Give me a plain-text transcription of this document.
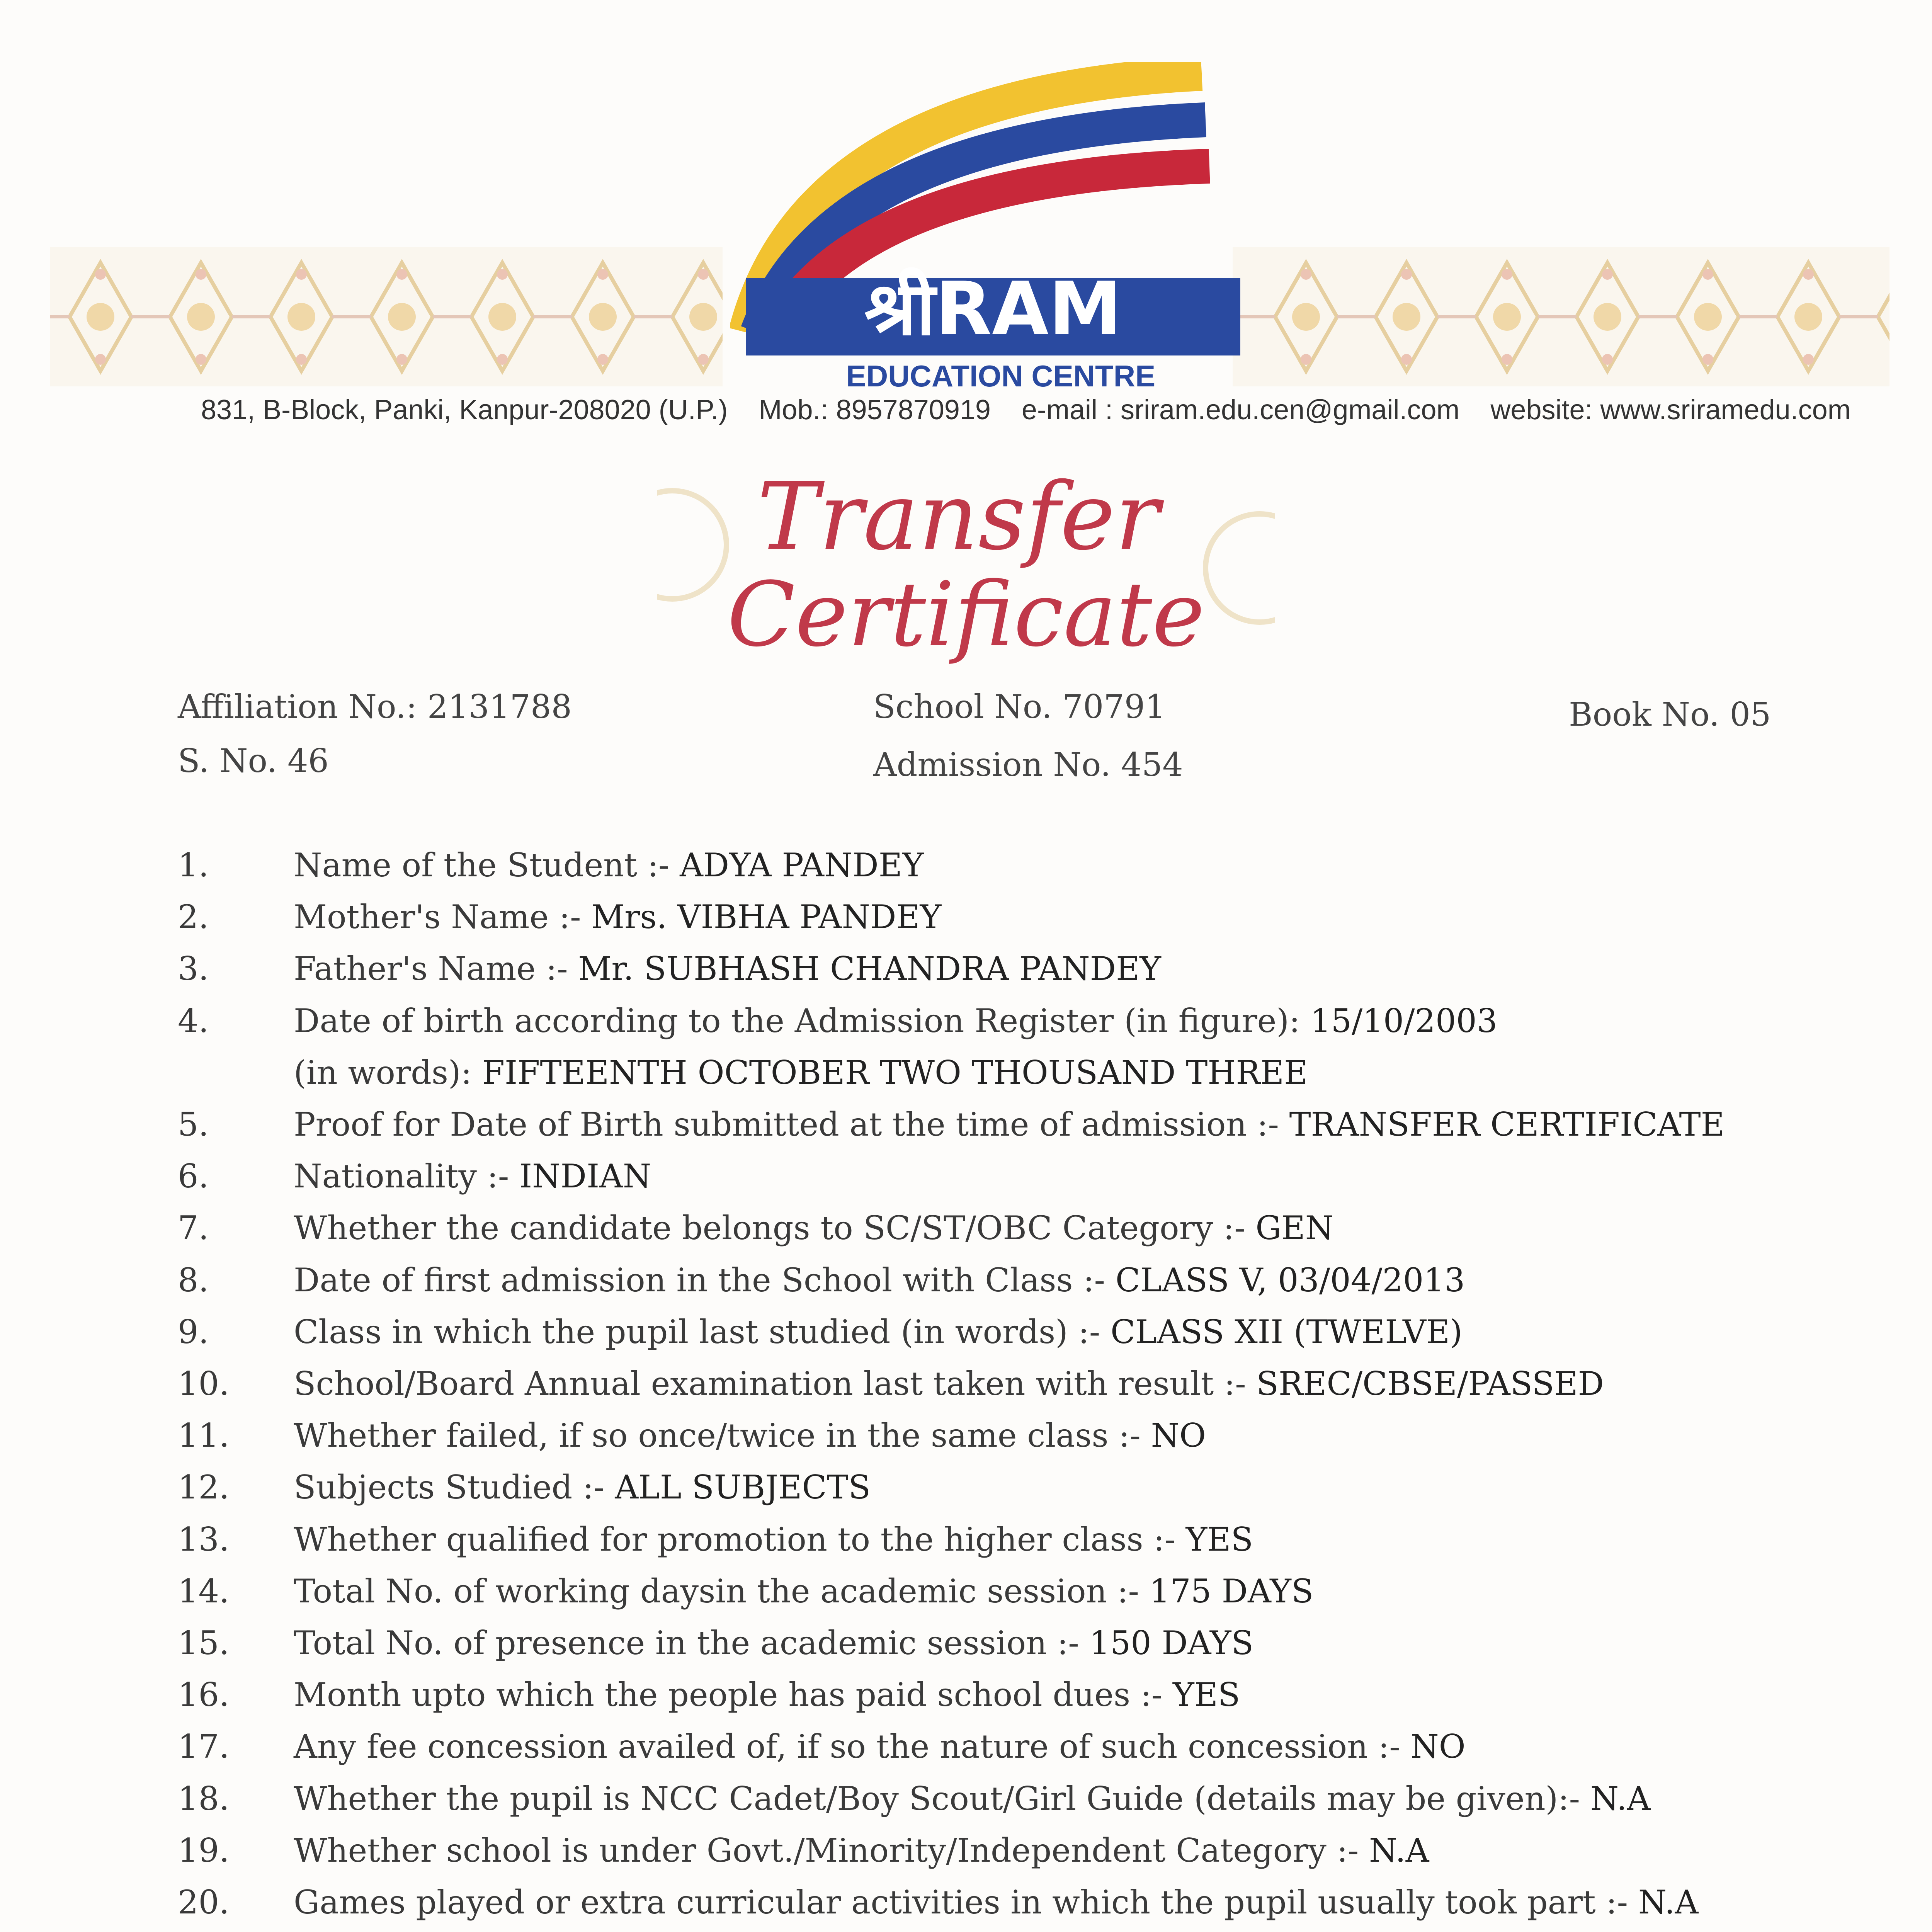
श्रीRAM
EDUCATION CENTRE
831, B-Block, Panki, Kanpur-208020 (U.P.) Mob.: 8957870919 e-mail : sriram.edu.cen@gmail.com website: www.sriramedu.com
Transfer
Certificate
Affiliation No.: 2131788	School No. 70791	Book No. 05
S. No. 46	Admission No. 454
1.	Name of the Student :- ADYA PANDEY
2.	Mother's Name :- Mrs. VIBHA PANDEY
3.	Father's Name :- Mr. SUBHASH CHANDRA PANDEY
4.	Date of birth according to the Admission Register (in figure): 15/10/2003
(in words): FIFTEENTH OCTOBER TWO THOUSAND THREE
5.	Proof for Date of Birth submitted at the time of admission :- TRANSFER CERTIFICATE
6.	Nationality :- INDIAN
7.	Whether the candidate belongs to SC/ST/OBC Category :- GEN
8.	Date of first admission in the School with Class :- CLASS V, 03/04/2013
9.	Class in which the pupil last studied (in words) :- CLASS XII (TWELVE)
10.	School/Board Annual examination last taken with result :- SREC/CBSE/PASSED
11.	Whether failed, if so once/twice in the same class :- NO
12.	Subjects Studied :- ALL SUBJECTS
13.	Whether qualified for promotion to the higher class :- YES
14.	Total No. of working daysin the academic session :- 175 DAYS
15.	Total No. of presence in the academic session :- 150 DAYS
16.	Month upto which the people has paid school dues :- YES
17.	Any fee concession availed of, if so the nature of such concession :- NO
18.	Whether the pupil is NCC Cadet/Boy Scout/Girl Guide (details may be given):- N.A
19.	Whether school is under Govt./Minority/Independent Category :- N.A
20.	Games played or extra curricular activities in which the pupil usually took part :- N.A
